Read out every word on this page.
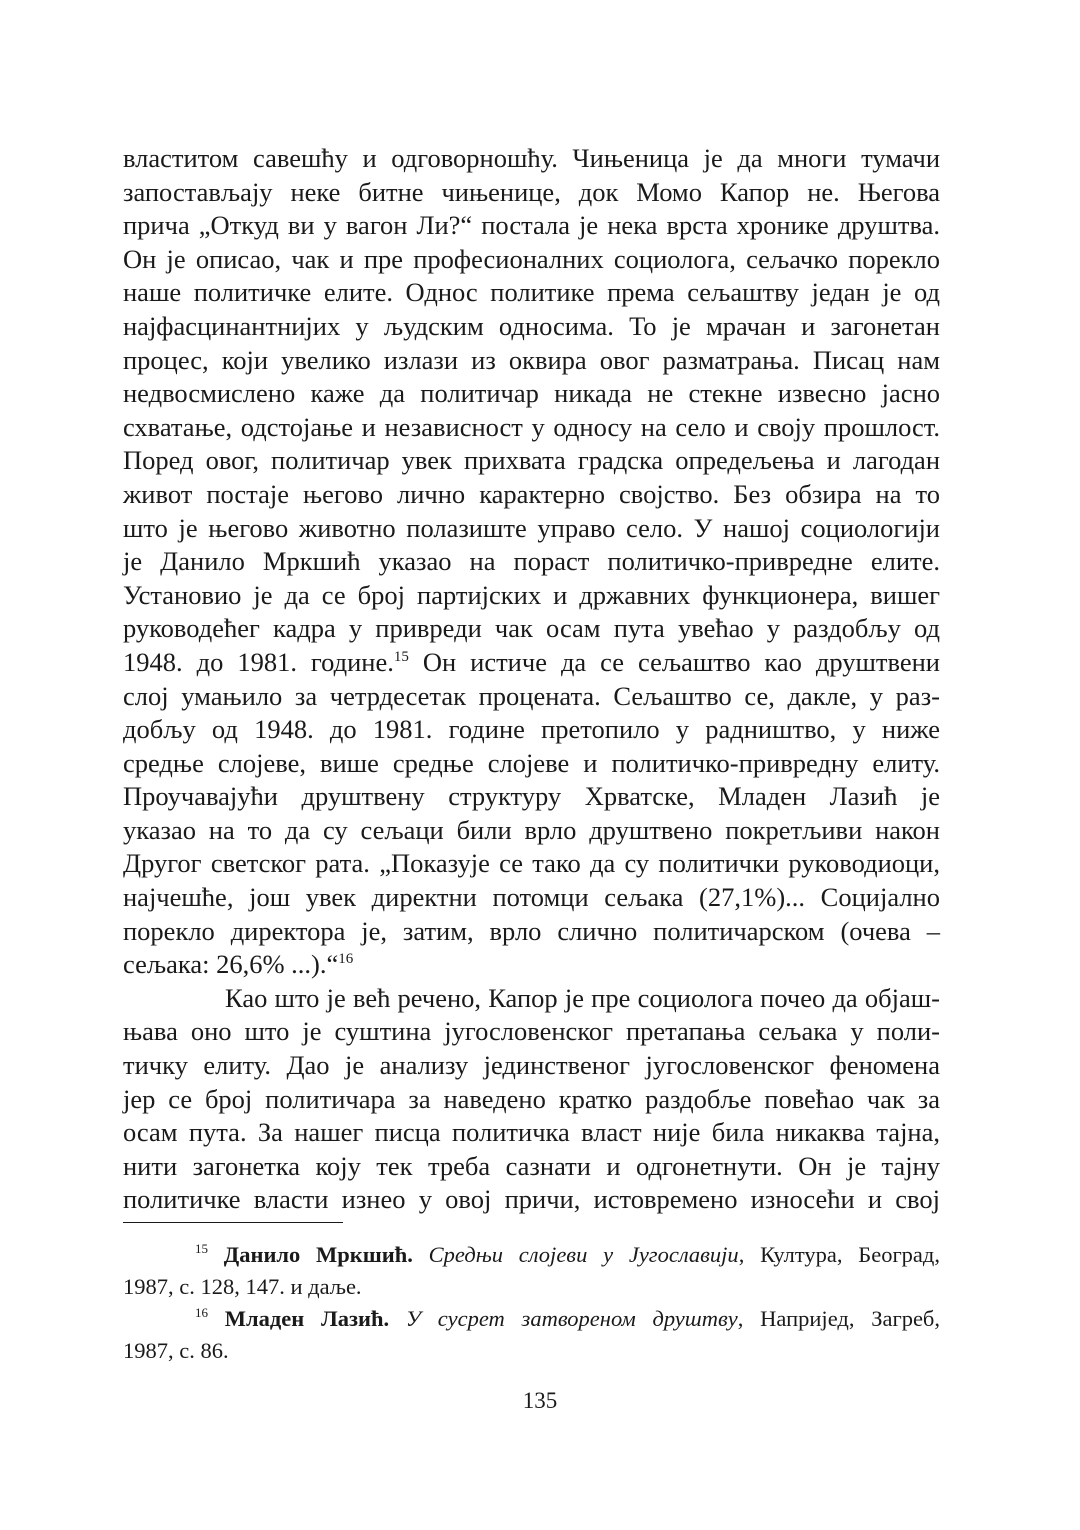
властитом савешћу и одговорношћу. Чињеница је да многи тумачи
запостављају неке битне чињенице, док Момо Капор не. Његова
прича „Откуд ви у вагон Ли?“ постала је нека врста хронике друштва.
Он је описао, чак и пре професионалних социолога, сељачко порекло
наше политичке елите. Однос политике према сељаштву један је од
најфасцинантнијих у људским односима. То је мрачан и загонетан
процес, који увелико излази из оквира овог разматрања. Писац нам
недвосмислено каже да политичар никада не стекне извесно јасно
схватање, одстојање и независност у односу на село и своју прошлост.
Поред овог, политичар увек прихвата градска опредељења и лагодан
живот постаје његово лично карактерно својство. Без обзира на то
што је његово животно полазиште управо село. У нашој социологији
је Данило Мркшић указао на пораст политичко-привредне елите.
Установио је да се број партијских и државних функционера, вишег
руководећег кадра у привреди чак осам пута увећао у раздобљу од
1948. до 1981. године.$^{15}$ Он истиче да се сељаштво као друштвени
слој умањило за четрдесетак процената. Сељаштво се, дакле, у раз-
добљу од 1948. до 1981. године претопило у радништво, у ниже
средње слојеве, више средње слојеве и политичко-привредну елиту.
Проучавајући друштвену структуру Хрватске, Младен Лазић је
указао на то да су сељаци били врло друштвено покретљиви након
Другог светског рата. „Показује се тако да су политички руководиоци,
најчешће, још увек директни потомци сељака (27,1%)... Социјално
порекло директора је, затим, врло слично политичарском (очева –
сељака: 26,6% ...).“$^{16}$
Као што је већ речено, Капор је пре социолога почео да објаш-
њава оно што је суштина југословенског претапања сељака у поли-
тичку елиту. Дао је анализу јединственог југословенског феномена
јер се број политичара за наведено кратко раздобље повећао чак за
осам пута. За нашег писца политичка власт није била никаква тајна,
нити загонетка коју тек треба сазнати и одгонетнути. Он је тајну
политичке власти изнео у овој причи, истовремено износећи и свој
$^{15}$ Данило Мркшић. Средњи слојеви у Југославији, Култура, Београд,
1987, с. 128, 147. и даље.
$^{16}$ Младен Лазић. У сусрет затвореном друштву, Напријед, Загреб,
1987, с. 86.
135
